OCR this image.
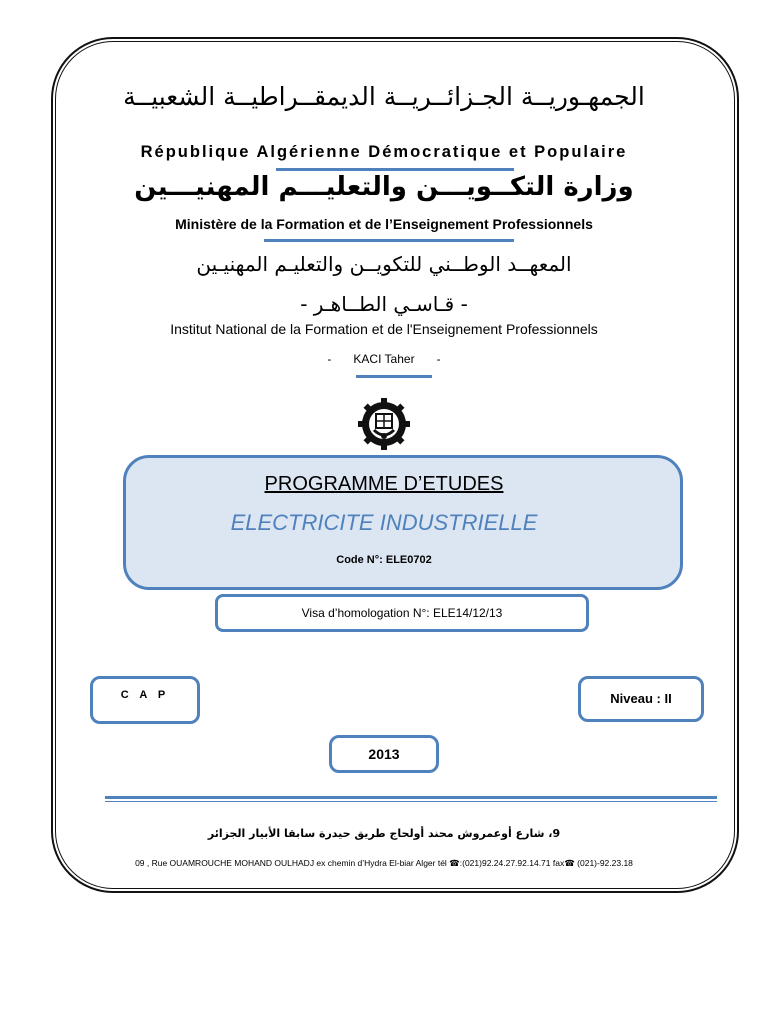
الجمهـوريــة الجـزائــريــة الديمقــراطيــة الشعبيــة
République Algérienne Démocratique et Populaire
وزارة التكــويـــن والتعليـــم المهنيـــين
Ministère de la Formation et de l’Enseignement Professionnels
المعهــد الوطــني للتكويــن والتعليـم المهنيـين
- قـاسـي الطــاهـر -
Institut National de la Formation et de l'Enseignement Professionnels
- KACI Taher -
PROGRAMME D’ETUDES
ELECTRICITE INDUSTRIELLE
Code N°: ELE0702
Visa d’homologation N°: ELE14/12/13
C A P	Niveau : II
2013
9، شارع أوعمروش محند أولحاج طريق حيدرة سابقا الأبيار الجزائر
09 , Rue OUAMROUCHE MOHAND OULHADJ ex chemin d’Hydra El-biar Alger tél ☎:(021)92.24.27.92.14.71 fax☎ (021)-92.23.18
